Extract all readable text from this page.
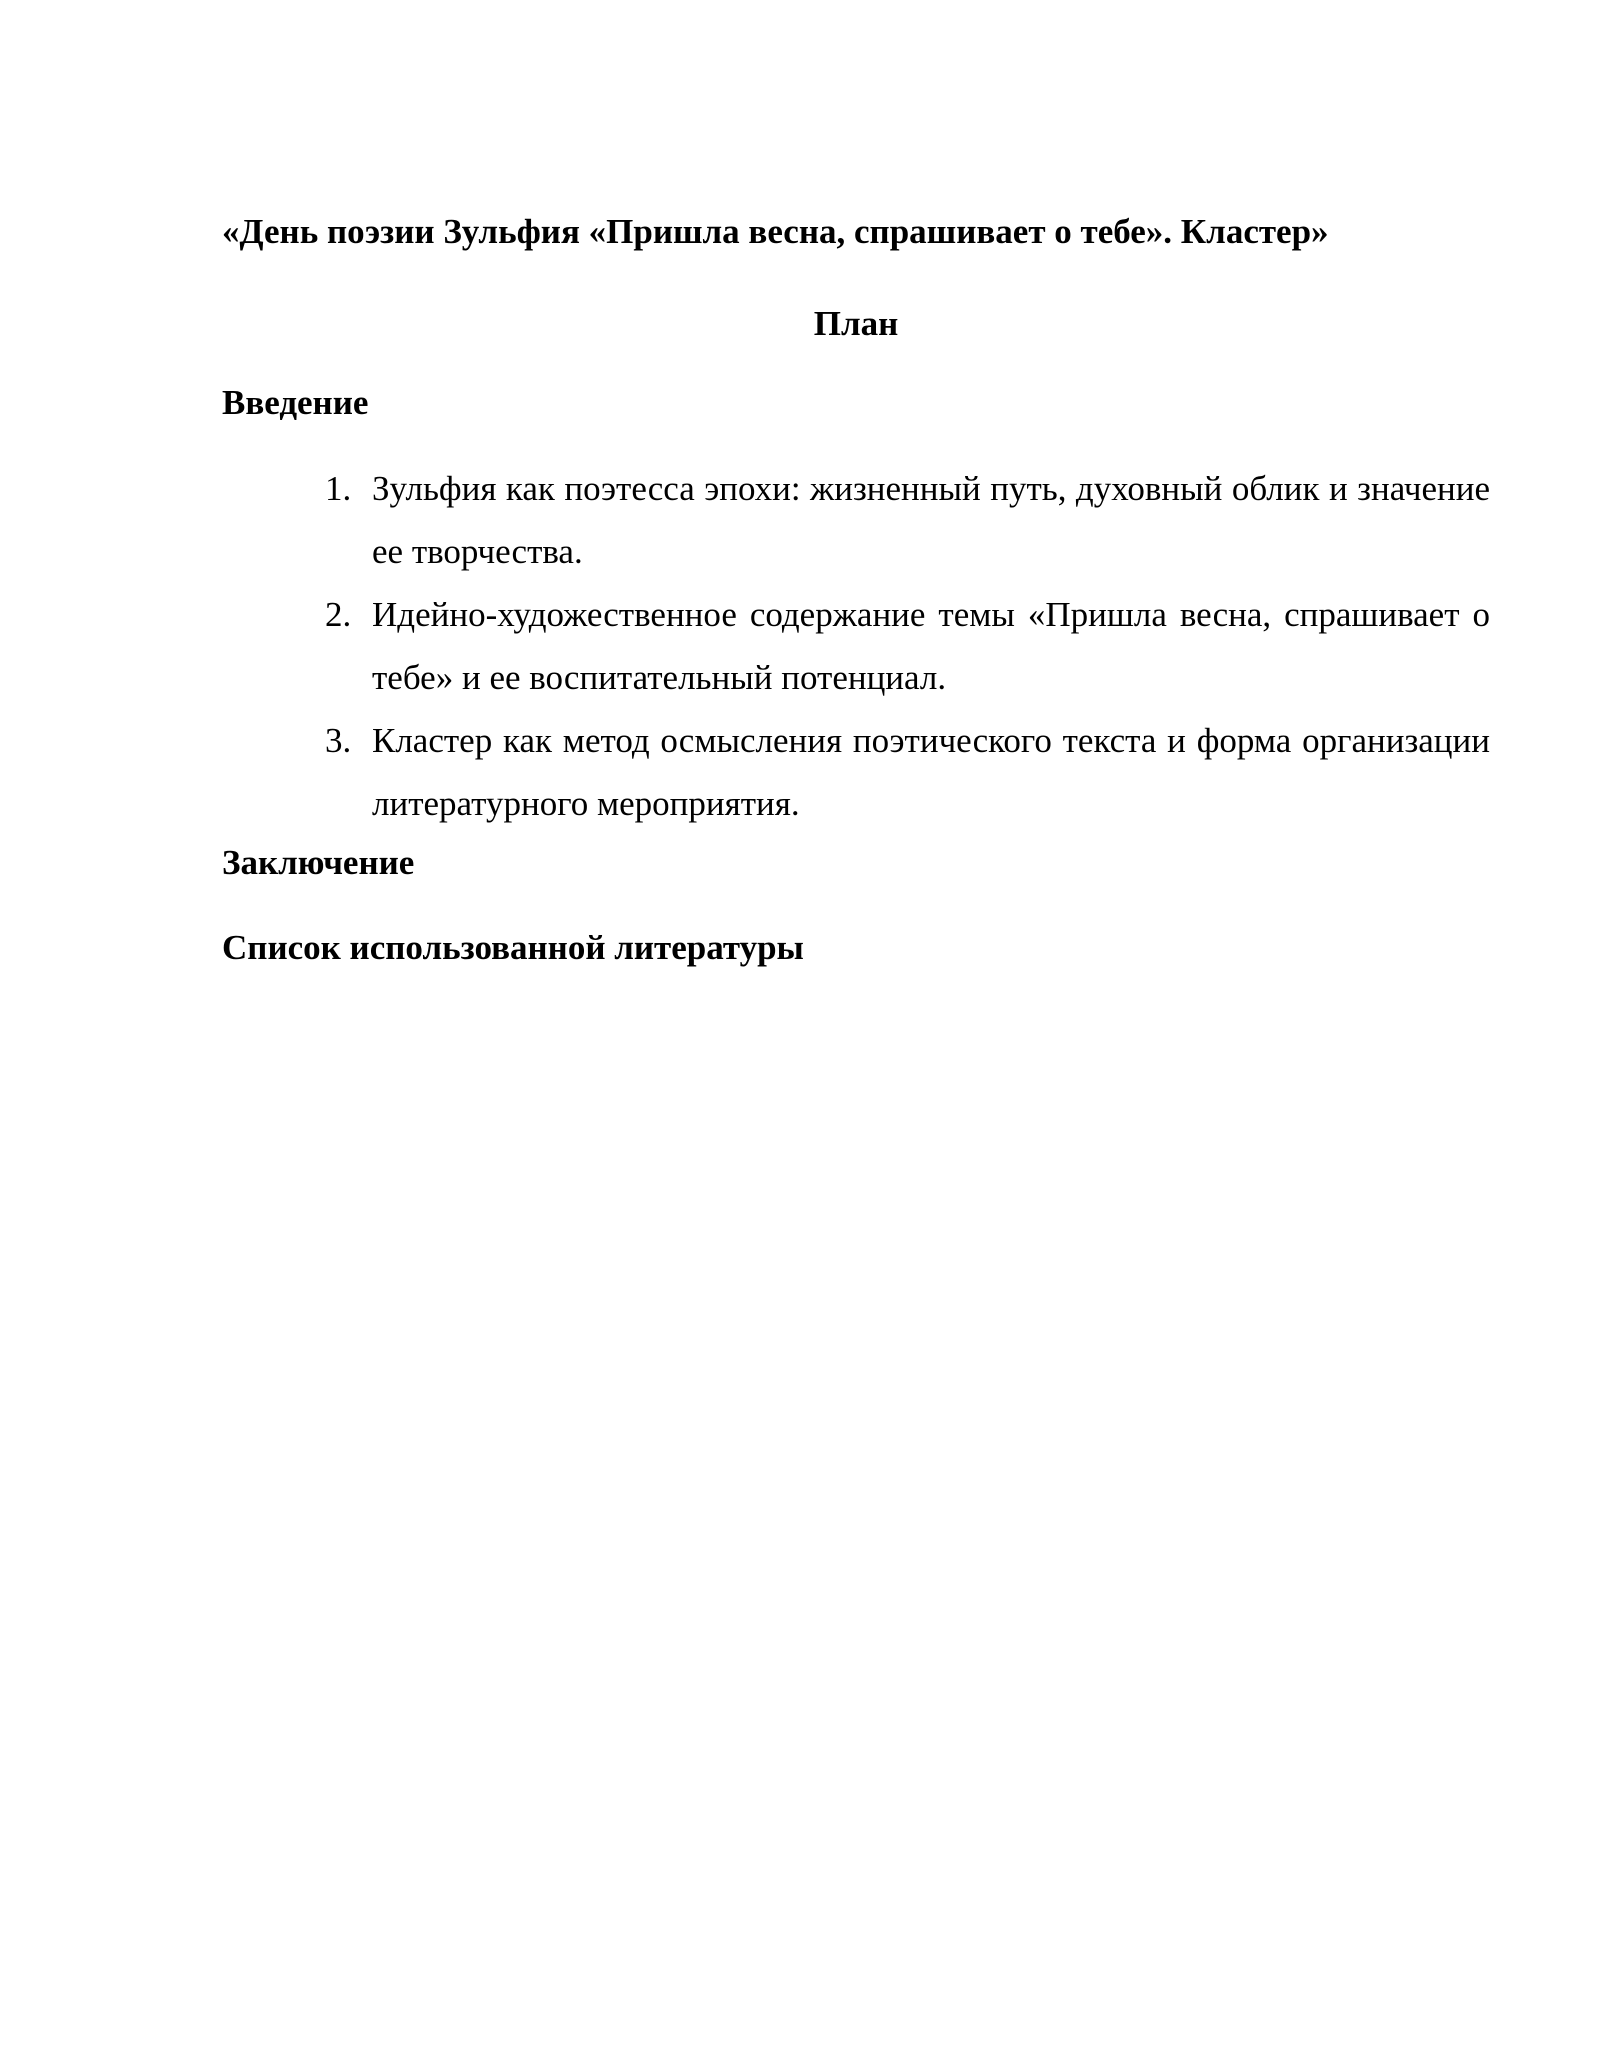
«День поэзии Зульфия «Пришла весна, спрашивает о тебе». Кластер»

План

Введение

1. Зульфия как поэтесса эпохи: жизненный путь, духовный облик и значение ее творчества.
2. Идейно-художественное содержание темы «Пришла весна, спрашивает о тебе» и ее воспитательный потенциал.
3. Кластер как метод осмысления поэтического текста и форма организации литературного мероприятия.

Заключение

Список использованной литературы
